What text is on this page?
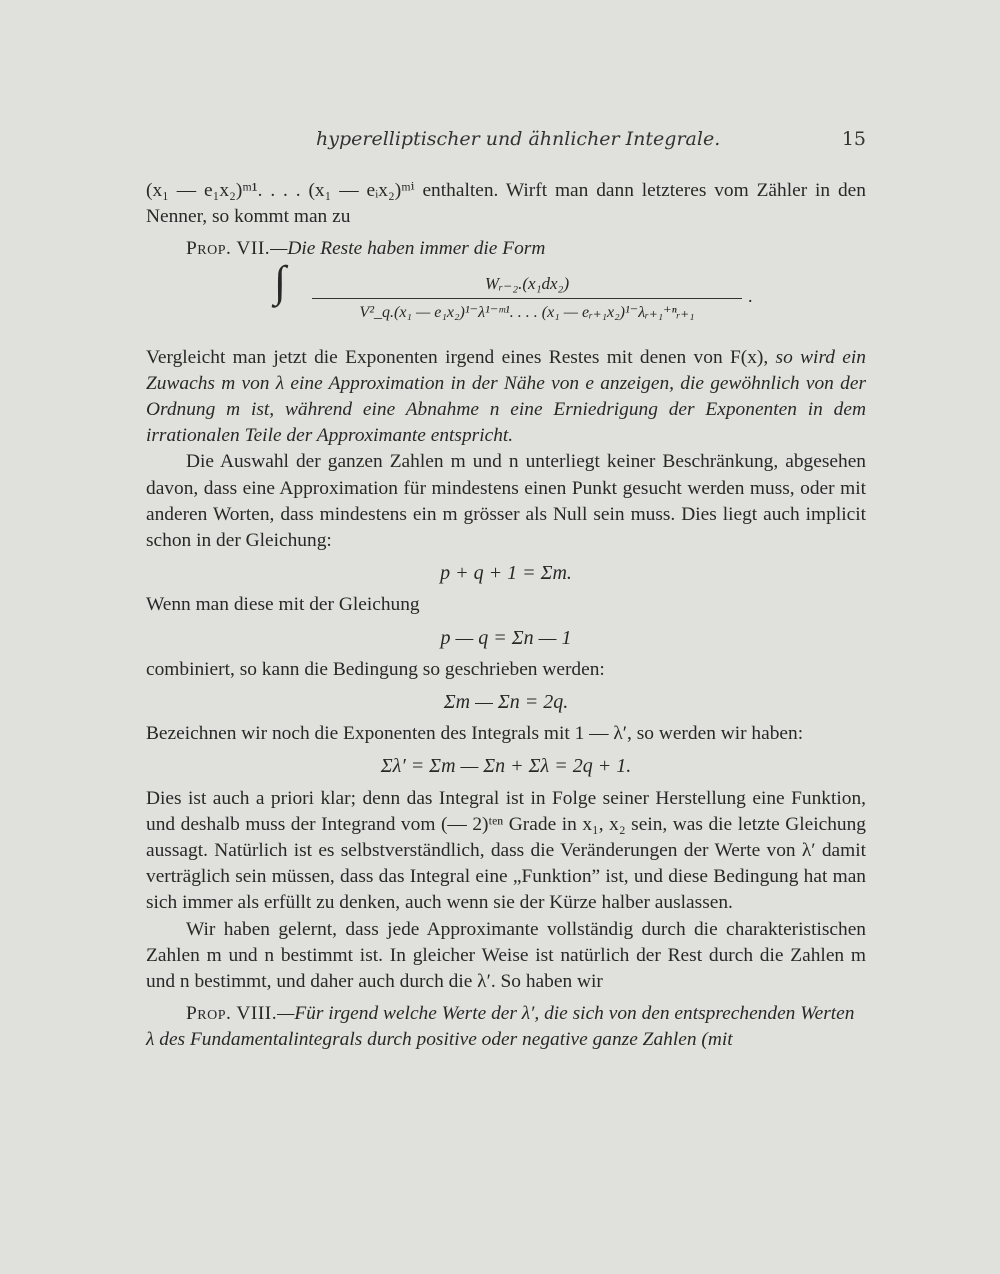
hyperelliptischer und ähnlicher Integrale.	15

(x₁ — e₁x₂)ᵐ¹. . . . (x₁ — eᵢx₂)ᵐⁱ enthalten. Wirft man dann letzteres vom Zähler in den Nenner, so kommt man zu

Prop. VII.—Die Reste haben immer die Form

∫ $\frac{\text{Wᵣ₋₂.(x₁dx₂)}}{\text{V²\_q.(x₁ — e₁x₂)¹⁻λ¹⁻ᵐ¹. . . . (x₁ — eᵣ₊₁x₂)¹⁻λᵣ₊₁⁺ⁿᵣ₊₁}}$ .

Vergleicht man jetzt die Exponenten irgend eines Restes mit denen von F(x), so wird ein Zuwachs m von λ eine Approximation in der Nähe von e anzeigen, die gewöhnlich von der Ordnung m ist, während eine Abnahme n eine Erniedrigung der Exponenten in dem irrationalen Teile der Approximante entspricht.

Die Auswahl der ganzen Zahlen m und n unterliegt keiner Beschränkung, abgesehen davon, dass eine Approximation für mindestens einen Punkt gesucht werden muss, oder mit anderen Worten, dass mindestens ein m grösser als Null sein muss. Dies liegt auch implicit schon in der Gleichung:

p + q + 1 = Σm.

Wenn man diese mit der Gleichung

p — q = Σn — 1

combiniert, so kann die Bedingung so geschrieben werden:

Σm — Σn = 2q.

Bezeichnen wir noch die Exponenten des Integrals mit 1 — λ′, so werden wir haben:

Σλ′ = Σm — Σn + Σλ = 2q + 1.

Dies ist auch a priori klar; denn das Integral ist in Folge seiner Herstellung eine Funktion, und deshalb muss der Integrand vom (— 2)ᵗᵉⁿ Grade in x₁, x₂ sein, was die letzte Gleichung aussagt. Natürlich ist es selbstverständlich, dass die Veränderungen der Werte von λ′ damit verträglich sein müssen, dass das Integral eine „Funktion” ist, und diese Bedingung hat man sich immer als erfüllt zu denken, auch wenn sie der Kürze halber auslassen.

Wir haben gelernt, dass jede Approximante vollständig durch die charakteristischen Zahlen m und n bestimmt ist. In gleicher Weise ist natürlich der Rest durch die Zahlen m und n bestimmt, und daher auch durch die λ′. So haben wir

Prop. VIII.—Für irgend welche Werte der λ′, die sich von den entsprechenden Werten λ des Fundamentalintegrals durch positive oder negative ganze Zahlen (mit
